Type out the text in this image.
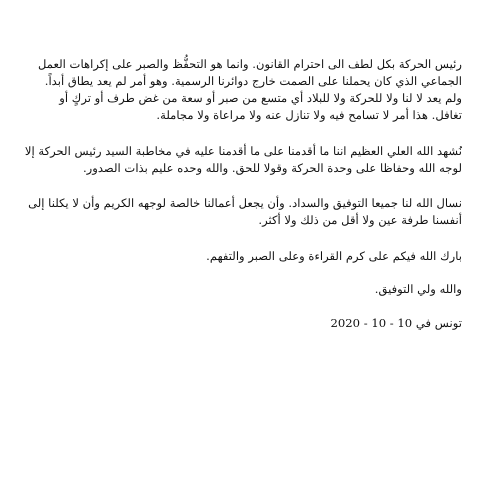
رئيس الحركة بكل لطف الى احترام القانون. وانما هو التحفُّظ والصبر على إكراهات العمل
الجماعي الذي كان يحملنا على الصمت خارج دوائرنا الرسمية. وهو أمر لم يعد يطاق أبداً.
ولم يعد لا لنا ولا للحركة ولا للبلاد أي متسع من صبر أو سعة من غض طرف أو تركٍ أو
تغافل. هذا أمر لا تسامح فيه ولا تنازل عنه ولا مراعاة ولا مجاملة.

نُشهد الله العلي العظيم اننا ما أقدمنا على ما أقدمنا عليه في مخاطبة السيد رئيس الحركة إلا
لوجه الله وحفاظا على وحدة الحركة وقولا للحق. والله وحده عليم بذات الصدور.

نسال الله لنا جميعا التوفيق والسداد. وأن يجعل أعمالنا خالصة لوجهه الكريم وأن لا يكلنا إلى
أنفسنا طرفة عين ولا أقل من ذلك ولا أكثر.

بارك الله فيكم على كرم القراءة وعلى الصبر والتفهم.

والله ولي التوفيق.

تونس في 10 - 10 - 2020
